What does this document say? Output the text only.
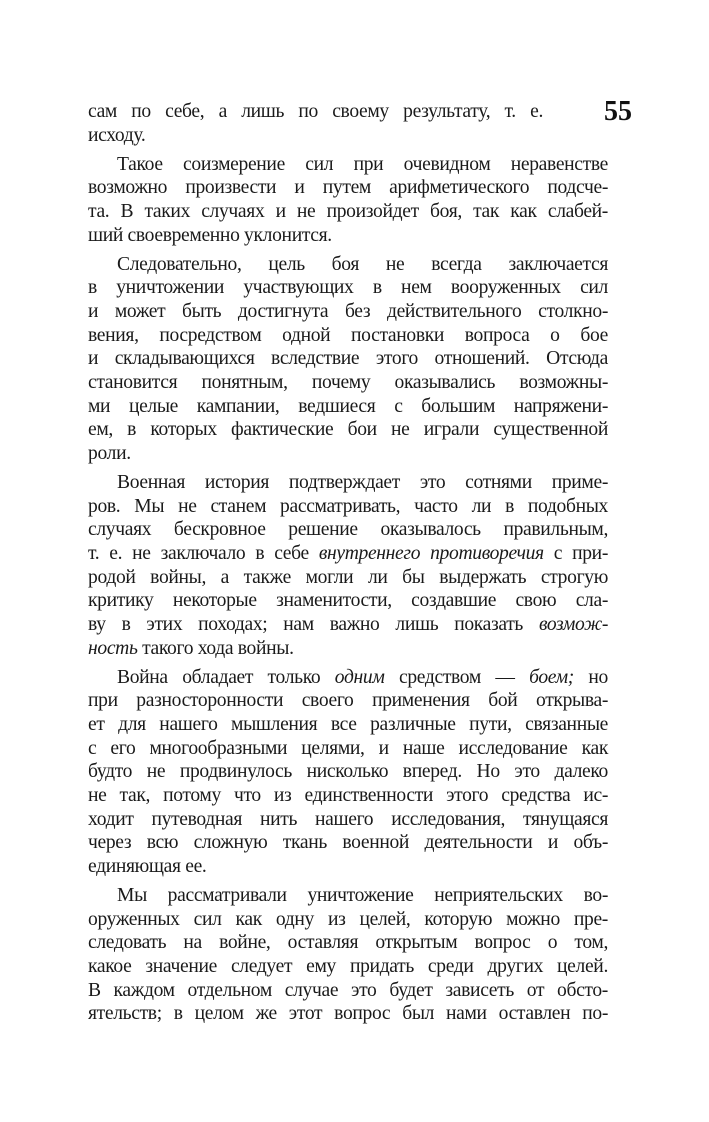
55
сам по себе, а лишь по своему результату, т. е.
исходу.
Такое соизмерение сил при очевидном неравенстве
возможно произвести и путем арифметического подсче-
та. В таких случаях и не произойдет боя, так как слабей-
ший своевременно уклонится.
Следовательно, цель боя не всегда заключается
в уничтожении участвующих в нем вооруженных сил
и может быть достигнута без действительного столкно-
вения, посредством одной постановки вопроса о бое
и складывающихся вследствие этого отношений. Отсюда
становится понятным, почему оказывались возможны-
ми целые кампании, ведшиеся с большим напряжени-
ем, в которых фактические бои не играли существенной
роли.
Военная история подтверждает это сотнями приме-
ров. Мы не станем рассматривать, часто ли в подобных
случаях бескровное решение оказывалось правильным,
т. е. не заключало в себе внутреннего противоречия с при-
родой войны, а также могли ли бы выдержать строгую
критику некоторые знаменитости, создавшие свою сла-
ву в этих походах; нам важно лишь показать возмож-
ность такого хода войны.
Война обладает только одним средством — боем; но
при разносторонности своего применения бой открыва-
ет для нашего мышления все различные пути, связанные
с его многообразными целями, и наше исследование как
будто не продвинулось нисколько вперед. Но это далеко
не так, потому что из единственности этого средства ис-
ходит путеводная нить нашего исследования, тянущаяся
через всю сложную ткань военной деятельности и объ-
единяющая ее.
Мы рассматривали уничтожение неприятельских во-
оруженных сил как одну из целей, которую можно пре-
следовать на войне, оставляя открытым вопрос о том,
какое значение следует ему придать среди других целей.
В каждом отдельном случае это будет зависеть от обсто-
ятельств; в целом же этот вопрос был нами оставлен по-
